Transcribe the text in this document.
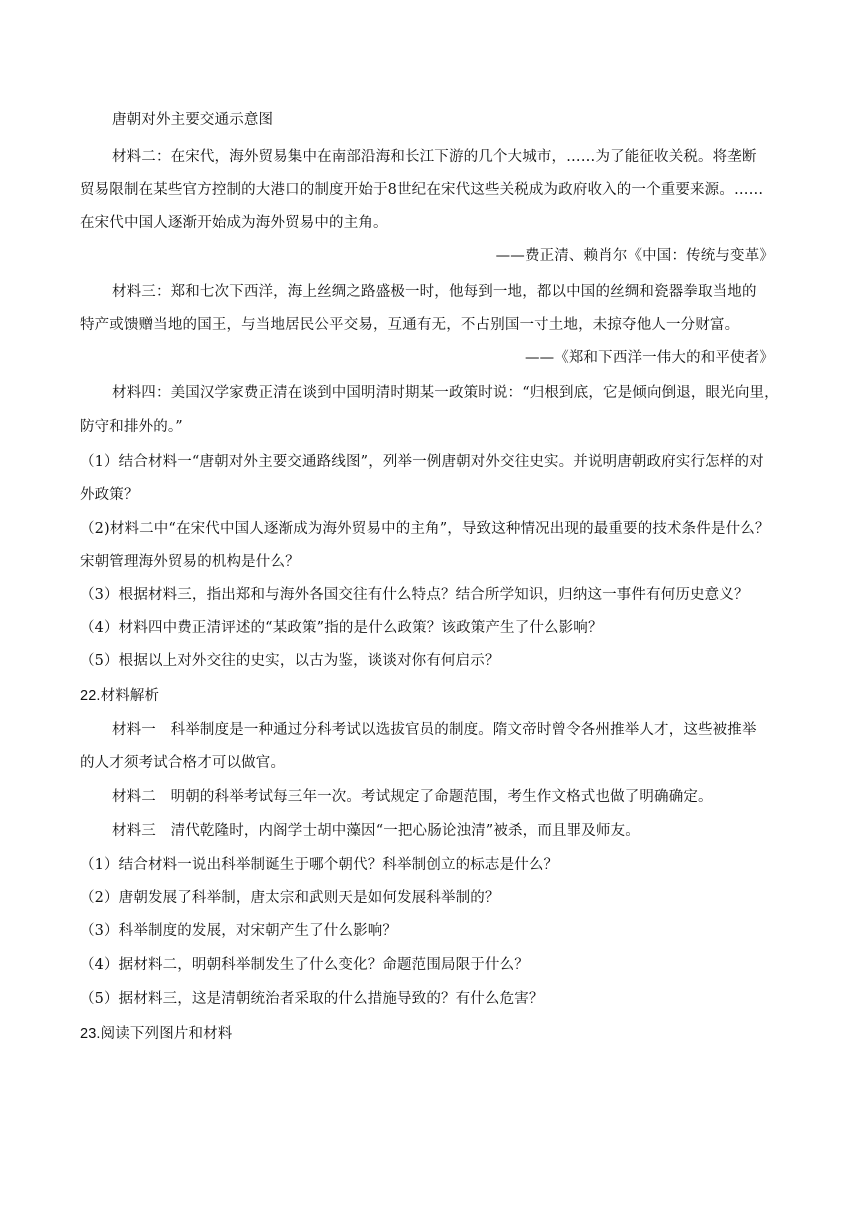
唐朝对外主要交通示意图
材料二：在宋代，海外贸易集中在南部沿海和长江下游的几个大城市，……为了能征收关税。将垄断
贸易限制在某些官方控制的大港口的制度开始于8世纪在宋代这些关税成为政府收入的一个重要来源。……
在宋代中国人逐渐开始成为海外贸易中的主角。
——费正清、赖肖尔《中国：传统与变革》
材料三：郑和七次下西洋，海上丝绸之路盛极一时，他每到一地，都以中国的丝绸和瓷器拳取当地的
特产或馈赠当地的国王，与当地居民公平交易，互通有无，不占别国一寸土地，未掠夺他人一分财富。
——《郑和下西洋一伟大的和平使者》
材料四：美国汉学家费正清在谈到中国明清时期某一政策时说：“归根到底，它是倾向倒退，眼光向里，
防守和排外的。”
（1）结合材料一“唐朝对外主要交通路线图”，列举一例唐朝对外交往史实。并说明唐朝政府实行怎样的对
外政策？
（2)材料二中“在宋代中国人逐渐成为海外贸易中的主角”，导致这种情况出现的最重要的技术条件是什么？
宋朝管理海外贸易的机构是什么？
（3）根据材料三，指出郑和与海外各国交往有什么特点？结合所学知识，归纳这一事件有何历史意义？
（4）材料四中费正清评述的“某政策”指的是什么政策？该政策产生了什么影响？
（5）根据以上对外交往的史实，以古为鉴，谈谈对你有何启示？
22.材料解析
材料一　科举制度是一种通过分科考试以选拔官员的制度。隋文帝时曾令各州推举人才，这些被推举
的人才须考试合格才可以做官。
材料二　明朝的科举考试每三年一次。考试规定了命题范围，考生作文格式也做了明确确定。
材料三　清代乾隆时，内阁学士胡中藻因“一把心肠论浊清”被杀，而且罪及师友。
（1）结合材料一说出科举制诞生于哪个朝代？科举制创立的标志是什么？
（2）唐朝发展了科举制，唐太宗和武则天是如何发展科举制的？
（3）科举制度的发展，对宋朝产生了什么影响？
（4）据材料二，明朝科举制发生了什么变化？命题范围局限于什么？
（5）据材料三，这是清朝统治者采取的什么措施导致的？有什么危害？
23.阅读下列图片和材料
